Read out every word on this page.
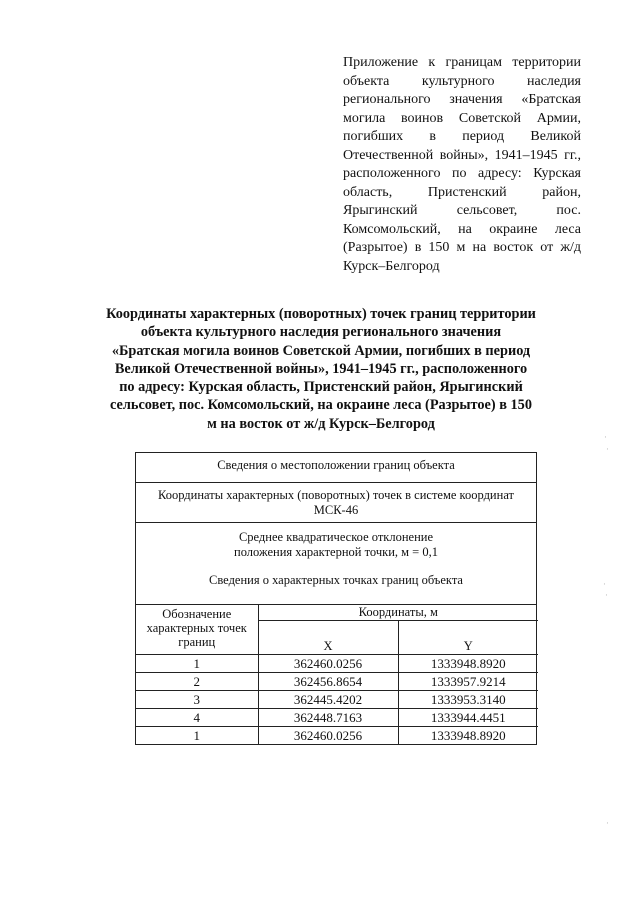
Приложение к границам территории объекта культурного наследия регионального значения «Братская могила воинов Советской Армии, погибших в период Великой Отечественной войны», 1941–1945 гг., расположенного по адресу: Курская область, Пристенский район, Ярыгинский сельсовет, пос. Комсомольский, на окраине леса (Разрытое) в 150 м на восток от ж/д Курск–Белгород
Координаты характерных (поворотных) точек границ территории объекта культурного наследия регионального значения «Братская могила воинов Советской Армии, погибших в период Великой Отечественной войны», 1941–1945 гг., расположенного по адресу: Курская область, Пристенский район, Ярыгинский сельсовет, пос. Комсомольский, на окраине леса (Разрытое) в 150 м на восток от ж/д Курск–Белгород
Сведения о местоположении границ объекта
Координаты характерных (поворотных) точек в системе координат
МСК-46
Среднее квадратическое отклонение
положения характерной точки, м = 0,1
Сведения о характерных точках границ объекта
Обозначение характерных точек границ	Координаты, м	
	X	Y
1	362460.0256	1333948.8920
2	362456.8654	1333957.9214
3	362445.4202	1333953.3140
4	362448.7163	1333944.4451
1	362460.0256	1333948.8920
·
·
·
·
·
